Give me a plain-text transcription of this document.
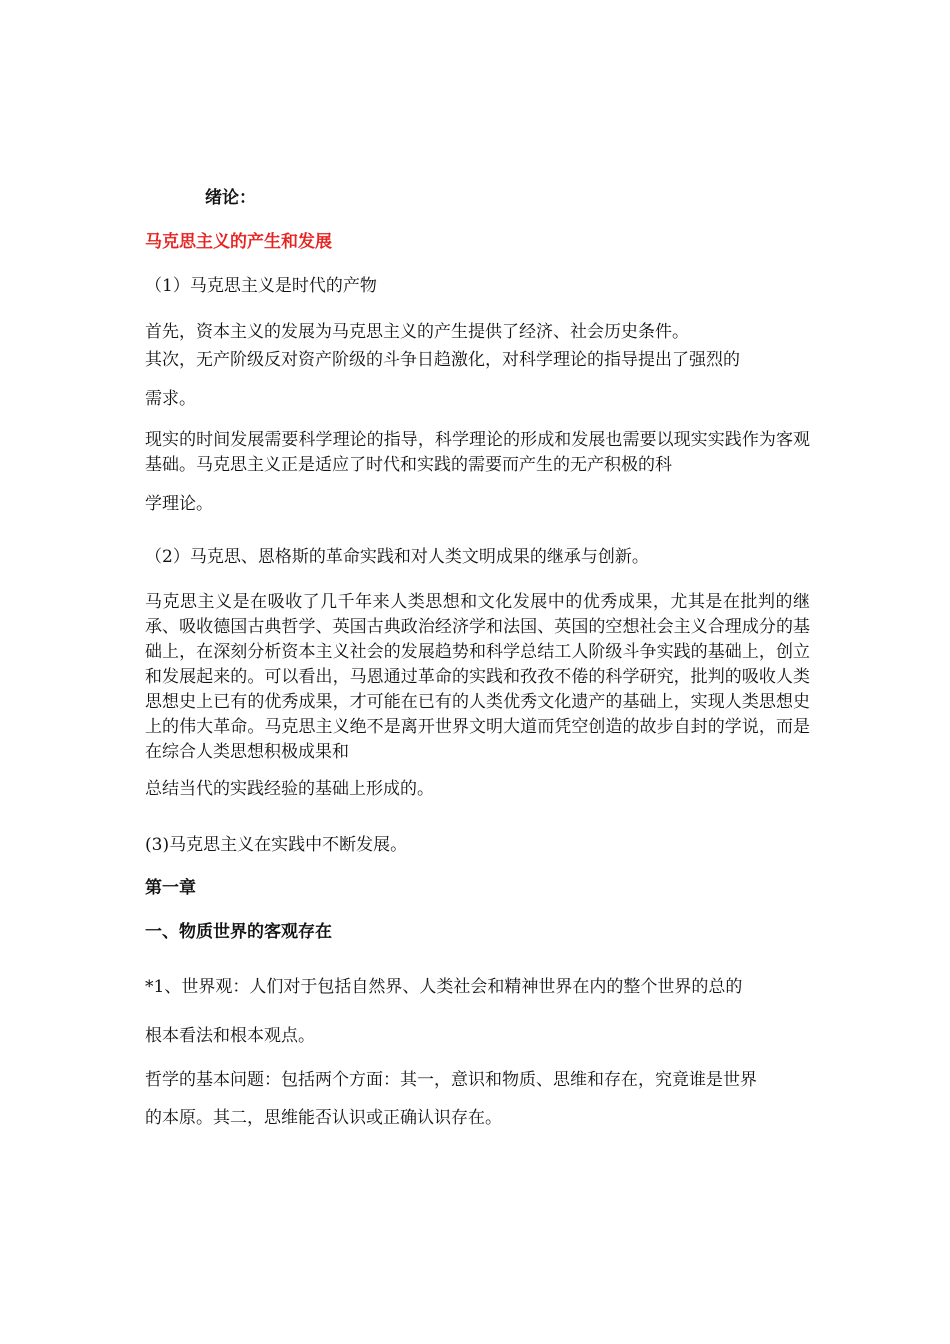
绪论：
马克思主义的产生和发展
（1）马克思主义是时代的产物
首先，资本主义的发展为马克思主义的产生提供了经济、社会历史条件。
其次，无产阶级反对资产阶级的斗争日趋激化，对科学理论的指导提出了强烈的
需求。
现实的时间发展需要科学理论的指导，科学理论的形成和发展也需要以现实实践作为客观基础。马克思主义正是适应了时代和实践的需要而产生的无产积极的科
学理论。
（2）马克思、恩格斯的革命实践和对人类文明成果的继承与创新。
马克思主义是在吸收了几千年来人类思想和文化发展中的优秀成果，尤其是在批判的继承、吸收德国古典哲学、英国古典政治经济学和法国、英国的空想社会主义合理成分的基础上，在深刻分析资本主义社会的发展趋势和科学总结工人阶级斗争实践的基础上，创立和发展起来的。可以看出，马恩通过革命的实践和孜孜不倦的科学研究，批判的吸收人类思想史上已有的优秀成果，才可能在已有的人类优秀文化遗产的基础上，实现人类思想史上的伟大革命。马克思主义绝不是离开世界文明大道而凭空创造的故步自封的学说，而是在综合人类思想积极成果和
总结当代的实践经验的基础上形成的。
(3)马克思主义在实践中不断发展。
第一章
一、物质世界的客观存在
*1、世界观：人们对于包括自然界、人类社会和精神世界在内的整个世界的总的
根本看法和根本观点。
哲学的基本问题：包括两个方面：其一，意识和物质、思维和存在，究竟谁是世界
的本原。其二，思维能否认识或正确认识存在。
